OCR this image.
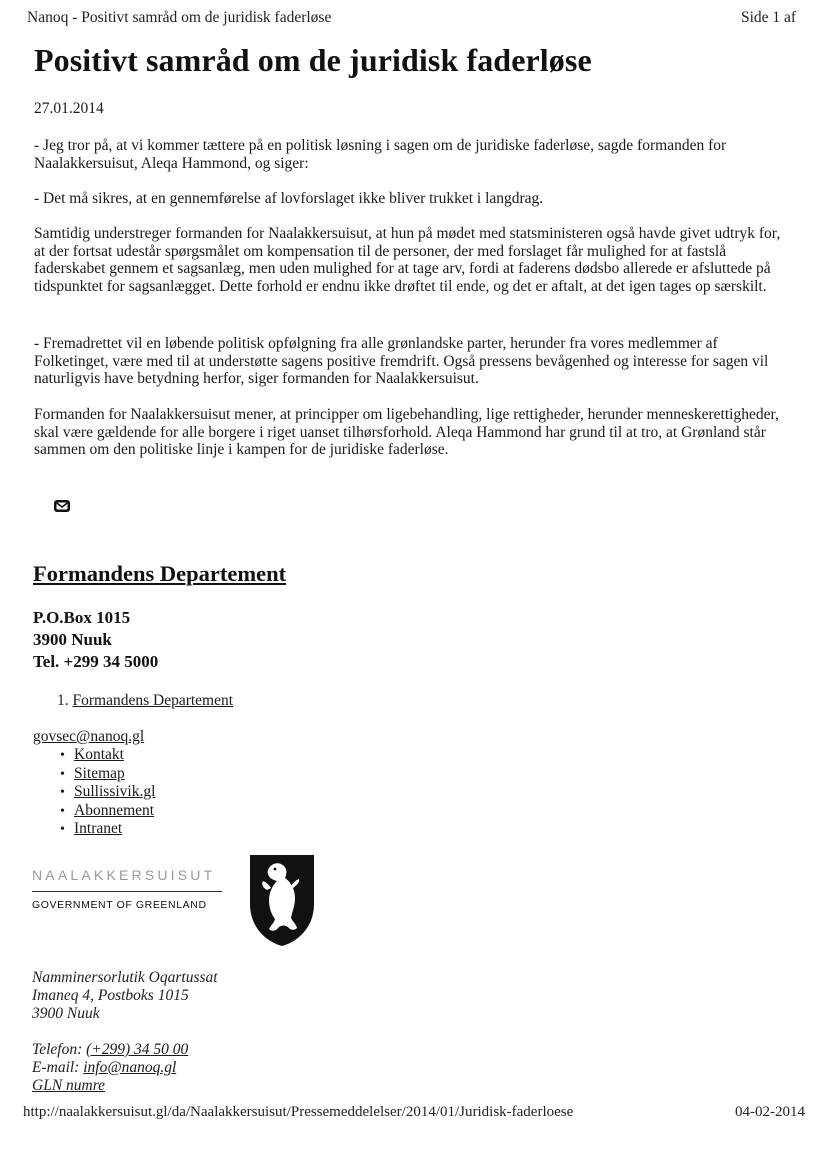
Nanoq - Positivt samråd om de juridisk faderløse	Side 1 af
Positivt samråd om de juridisk faderløse
27.01.2014

- Jeg tror på, at vi kommer tættere på en politisk løsning i sagen om de juridiske faderløse, sagde formanden for Naalakkersuisut, Aleqa Hammond, og siger:

- Det må sikres, at en gennemførelse af lovforslaget ikke bliver trukket i langdrag.

Samtidig understreger formanden for Naalakkersuisut, at hun på mødet med statsministeren også havde givet udtryk for, at der fortsat udestår spørgsmålet om kompensation til de personer, der med forslaget får mulighed for at fastslå faderskabet gennem et sagsanlæg, men uden mulighed for at tage arv, fordi at faderens dødsbo allerede er afsluttede på tidspunktet for sagsanlægget. Dette forhold er endnu ikke drøftet til ende, og det er aftalt, at det igen tages op særskilt.

- Fremadrettet vil en løbende politisk opfølgning fra alle grønlandske parter, herunder fra vores medlemmer af Folketinget, være med til at understøtte sagens positive fremdrift. Også pressens bevågenhed og interesse for sagen vil naturligvis have betydning herfor, siger formanden for Naalakkersuisut.

Formanden for Naalakkersuisut mener, at principper om ligebehandling, lige rettigheder, herunder menneskerettigheder, skal være gældende for alle borgere i riget uanset tilhørsforhold. Aleqa Hammond har grund til at tro, at Grønland står sammen om den politiske linje i kampen for de juridiske faderløse.

Formandens Departement
P.O.Box 1015
3900 Nuuk
Tel. +299 34 5000
1. Formandens Departement
govsec@nanoq.gl
• Kontakt
• Sitemap
• Sullissivik.gl
• Abonnement
• Intranet
NAALAKKERSUISUT
GOVERNMENT OF GREENLAND
Namminersorlutik Oqartussat
Imaneq 4, Postboks 1015
3900 Nuuk
Telefon: (+299) 34 50 00
E-mail: info@nanoq.gl
GLN numre
http://naalakkersuisut.gl/da/Naalakkersuisut/Pressemeddelelser/2014/01/Juridisk-faderloese	04-02-2014
